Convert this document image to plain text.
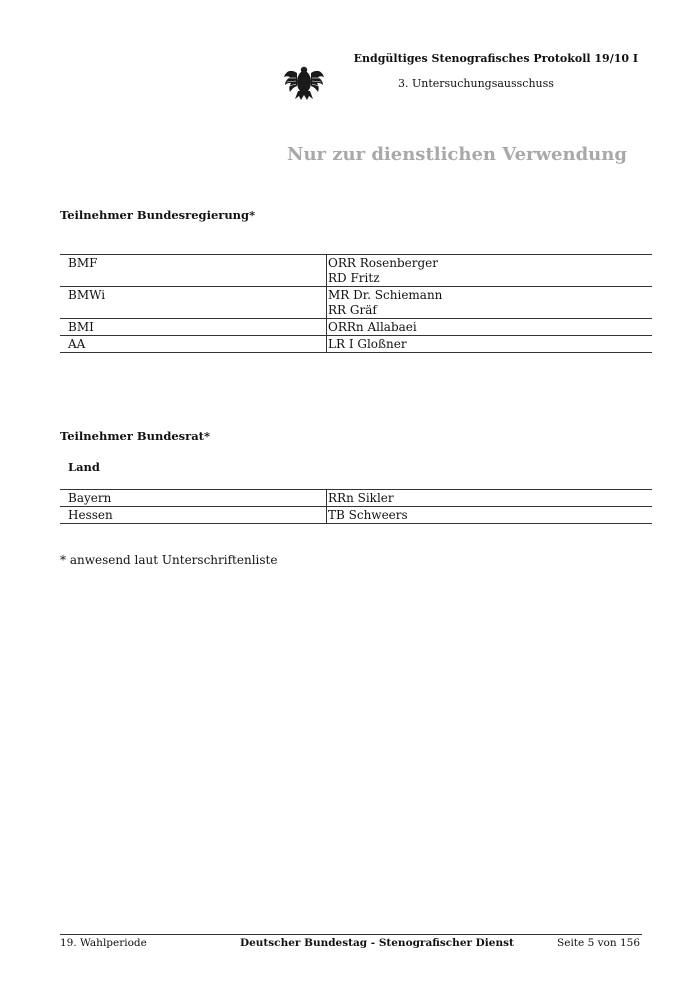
Endgültiges Stenografisches Protokoll 19/10 I
3. Untersuchungsausschuss
Nur zur dienstlichen Verwendung
Teilnehmer Bundesregierung*
BMF	ORR Rosenberger
RD Fritz

BMWi	MR Dr. Schiemann
RR Gräf

BMI	ORRn Allabaei

AA	LR I Gloßner
Teilnehmer Bundesrat*
Land
Bayern	RRn Sikler
Hessen	TB Schweers
* anwesend laut Unterschriftenliste
19. Wahlperiode	Deutscher Bundestag - Stenografischer Dienst	Seite 5 von 156
